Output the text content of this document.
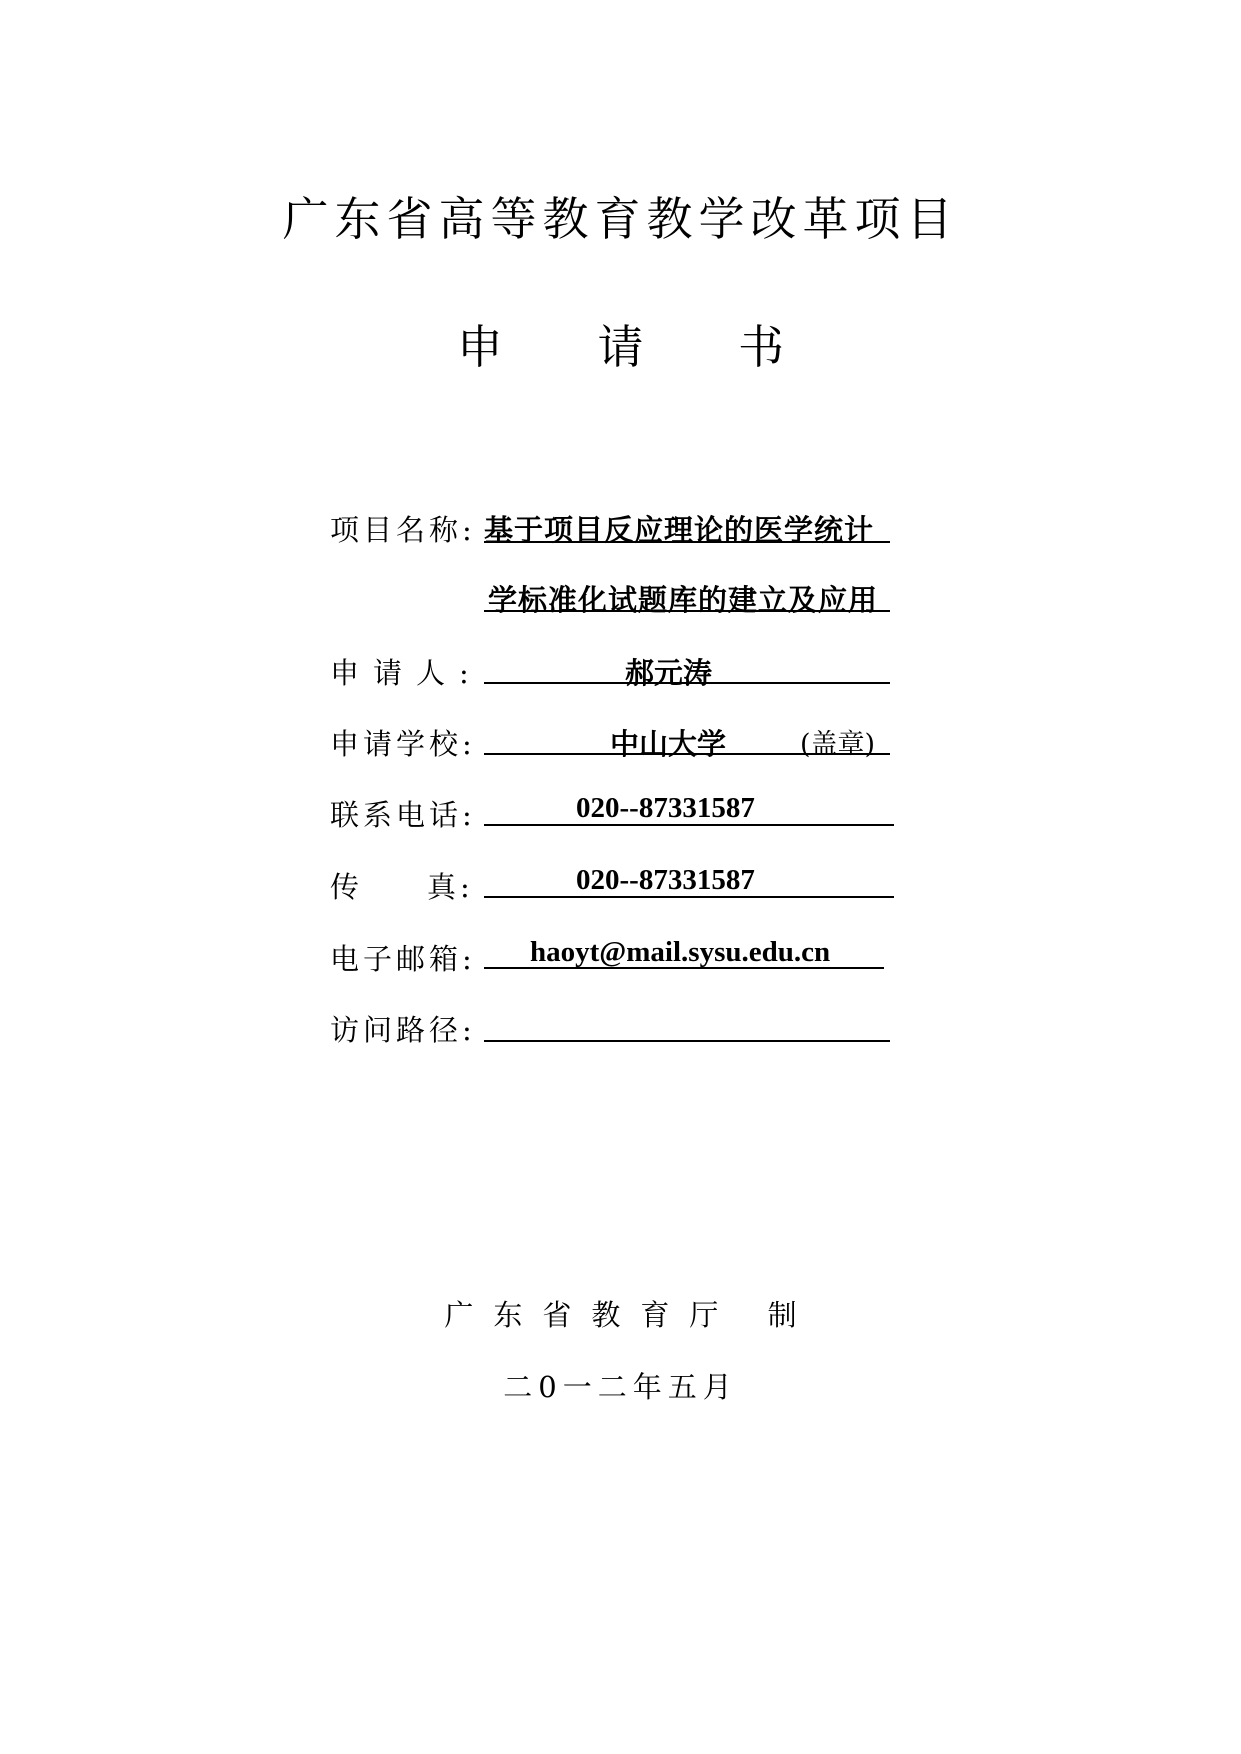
广东省高等教育教学改革项目
申 请 书
项目名称: 基于项目反应理论的医学统计
学标准化试题库的建立及应用
申请人:	郝元涛
申请学校:	中山大学	(盖章)
联系电话:	020--87331587
传真:	020--87331587
电子邮箱: haoyt@mail.sysu.edu.cn
访问路径:
广东省教育厅 制
二0一二年五月
